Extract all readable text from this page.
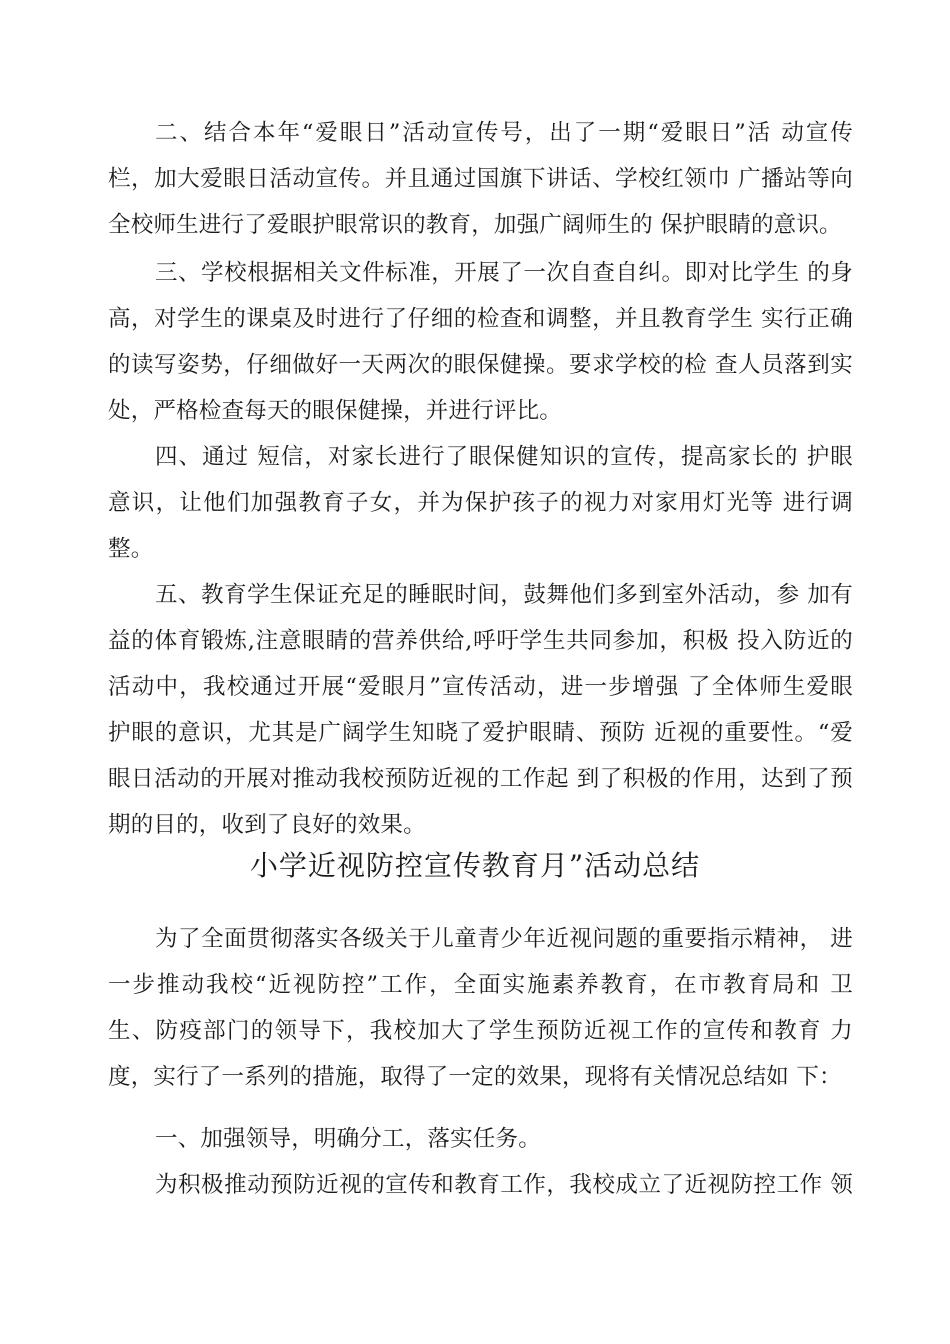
二、结合本年“爱眼日”活动宣传号，出了一期“爱眼日”活 动宣传
栏，加大爱眼日活动宣传。并且通过国旗下讲话、学校红领巾 广播站等向
全校师生进行了爱眼护眼常识的教育，加强广阔师生的 保护眼睛的意识。
三、学校根据相关文件标准，开展了一次自查自纠。即对比学生 的身
高，对学生的课桌及时进行了仔细的检查和调整，并且教育学生 实行正确
的读写姿势，仔细做好一天两次的眼保健操。要求学校的检 查人员落到实
处，严格检查每天的眼保健操，并进行评比。
四、通过 短信，对家长进行了眼保健知识的宣传，提高家长的 护眼
意识，让他们加强教育子女，并为保护孩子的视力对家用灯光等 进行调
整。
五、教育学生保证充足的睡眠时间，鼓舞他们多到室外活动，参 加有
益的体育锻炼,注意眼睛的营养供给,呼吁学生共同参加，积极 投入防近的
活动中，我校通过开展“爱眼月”宣传活动，进一步增强 了全体师生爱眼
护眼的意识，尤其是广阔学生知晓了爱护眼睛、预防 近视的重要性。“爱
眼日活动的开展对推动我校预防近视的工作起 到了积极的作用，达到了预
期的目的，收到了良好的效果。
小学近视防控宣传教育月”活动总结
为了全面贯彻落实各级关于儿童青少年近视问题的重要指示精神， 进
一步推动我校“近视防控”工作，全面实施素养教育，在市教育局和 卫
生、防疫部门的领导下，我校加大了学生预防近视工作的宣传和教育 力
度，实行了一系列的措施，取得了一定的效果，现将有关情况总结如 下：
一、加强领导，明确分工，落实任务。
为积极推动预防近视的宣传和教育工作，我校成立了近视防控工作 领
